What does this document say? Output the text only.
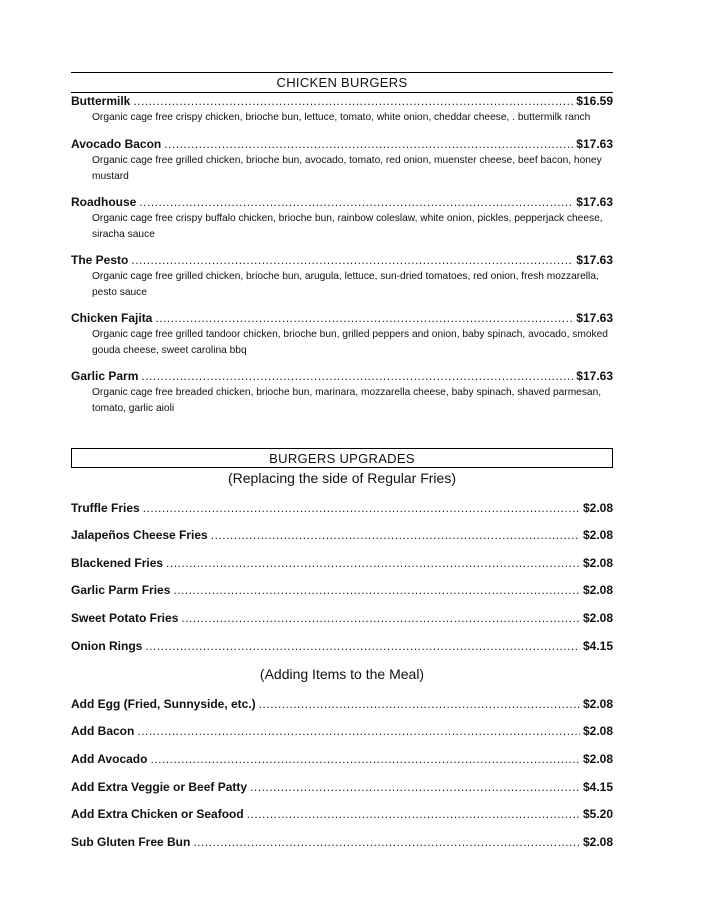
CHICKEN BURGERS
Buttermilk .....	$16.59
Organic cage free crispy chicken, brioche bun, lettuce, tomato, white onion, cheddar cheese, . buttermilk ranch
Avocado Bacon .....	$17.63
Organic cage free grilled chicken, brioche bun, avocado, tomato, red onion, muenster cheese, beef bacon, honey mustard
Roadhouse .....	$17.63
Organic cage free crispy buffalo chicken, brioche bun, rainbow coleslaw, white onion, pickles, pepperjack cheese, siracha sauce
The Pesto .....	$17.63
Organic cage free grilled chicken, brioche bun, arugula, lettuce, sun-dried tomatoes, red onion, fresh mozzarella, pesto sauce
Chicken Fajita .....	$17.63
Organic cage free grilled tandoor chicken, brioche bun, grilled peppers and onion, baby spinach, avocado, smoked gouda cheese, sweet carolina bbq
Garlic Parm .....	$17.63
Organic cage free breaded chicken, brioche bun, marinara, mozzarella cheese, baby spinach, shaved parmesan, tomato, garlic aioli
BURGERS UPGRADES
(Replacing the side of Regular Fries)
Truffle Fries .....	$2.08
Jalapeños Cheese Fries .....	$2.08
Blackened Fries .....	$2.08
Garlic Parm Fries .....	$2.08
Sweet Potato Fries .....	$2.08
Onion Rings .....	$4.15
(Adding Items to the Meal)
Add Egg (Fried, Sunnyside, etc.) .....	$2.08
Add Bacon .....	$2.08
Add Avocado .....	$2.08
Add Extra Veggie or Beef Patty .....	$4.15
Add Extra Chicken or Seafood .....	$5.20
Sub Gluten Free Bun .....	$2.08
